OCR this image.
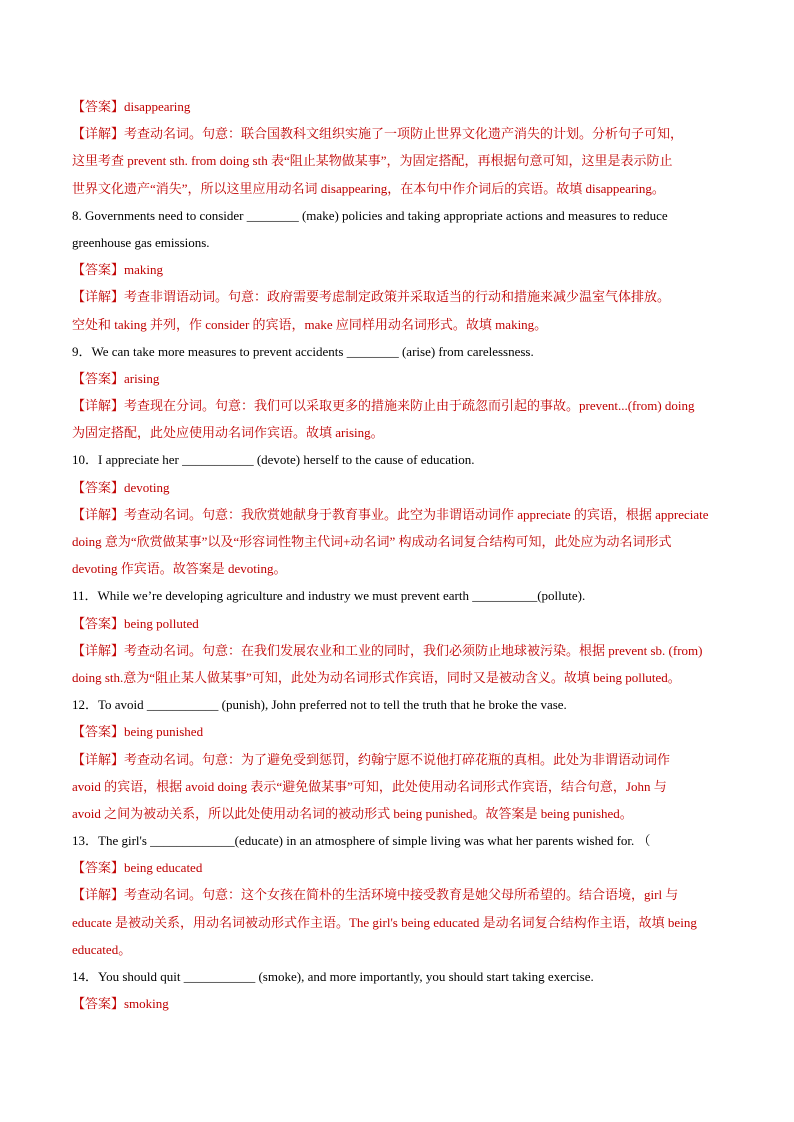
【答案】disappearing
【详解】考查动名词。句意：联合国教科文组织实施了一项防止世界文化遗产消失的计划。分析句子可知，
这里考查 prevent sth. from doing sth 表“阻止某物做某事”，为固定搭配，再根据句意可知，这里是表示防止
世界文化遗产“消失”，所以这里应用动名词 disappearing，在本句中作介词后的宾语。故填 disappearing。
8. Governments need to consider ________ (make) policies and taking appropriate actions and measures to reduce
greenhouse gas emissions.
【答案】making
【详解】考查非谓语动词。句意：政府需要考虑制定政策并采取适当的行动和措施来减少温室气体排放。
空处和 taking 并列，作 consider 的宾语，make 应同样用动名词形式。故填 making。
9．We can take more measures to prevent accidents ________ (arise) from carelessness.
【答案】arising
【详解】考查现在分词。句意：我们可以采取更多的措施来防止由于疏忽而引起的事故。prevent...(from) doing
为固定搭配，此处应使用动名词作宾语。故填 arising。
10．I appreciate her ___________ (devote) herself to the cause of education.
【答案】devoting
【详解】考查动名词。句意：我欣赏她献身于教育事业。此空为非谓语动词作 appreciate 的宾语，根据 appreciate
doing 意为“欣赏做某事”以及“形容词性物主代词+动名词” 构成动名词复合结构可知，此处应为动名词形式
devoting 作宾语。故答案是 devoting。
11．While we’re developing agriculture and industry we must prevent earth __________(pollute).
【答案】being polluted
【详解】考查动名词。句意：在我们发展农业和工业的同时，我们必须防止地球被污染。根据 prevent sb. (from)
doing sth.意为“阻止某人做某事”可知，此处为动名词形式作宾语，同时又是被动含义。故填 being polluted。
12．To avoid ___________ (punish), John preferred not to tell the truth that he broke the vase.
【答案】being punished
【详解】考查动名词。句意：为了避免受到惩罚，约翰宁愿不说他打碎花瓶的真相。此处为非谓语动词作
avoid 的宾语，根据 avoid doing 表示“避免做某事”可知，此处使用动名词形式作宾语，结合句意，John 与
avoid 之间为被动关系，所以此处使用动名词的被动形式 being punished。故答案是 being punished。
13．The girl's _____________(educate) in an atmosphere of simple living was what her parents wished for. （
【答案】being educated
【详解】考查动名词。句意：这个女孩在简朴的生活环境中接受教育是她父母所希望的。结合语境，girl 与
educate 是被动关系，用动名词被动形式作主语。The girl's being educated 是动名词复合结构作主语，故填 being
educated。
14．You should quit ___________ (smoke), and more importantly, you should start taking exercise.
【答案】smoking
